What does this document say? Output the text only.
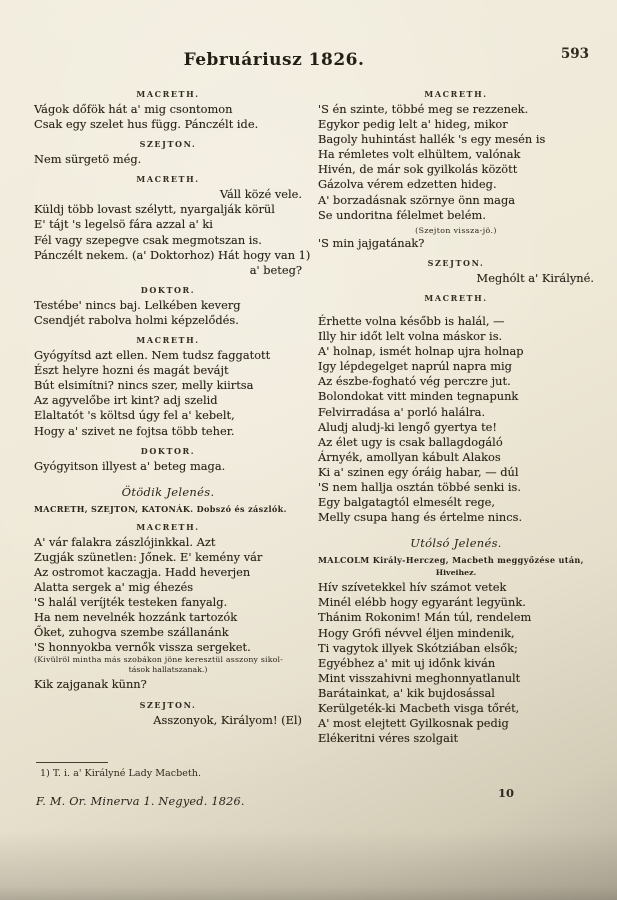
Februáriusz 1826.	593
MACRETH.
Vágok dőfök hát a' mig csontomon
Csak egy szelet hus függ. Pánczélt ide.
SZEJTON.
Nem sürgetö még.
MACRETH.
Váll közé vele.
Küldj több lovast szélytt, nyargalják körül
E' tájt 's legelsö fára azzal a' ki
Fél vagy szepegve csak megmotszan is.
Pánczélt nekem. (a' Doktorhoz) Hát hogy van 1)
a' beteg?
DOKTOR.
Testébe' nincs baj. Lelkében keverg
Csendjét rabolva holmi képzelődés.
MACRETH.
Gyógyítsd azt ellen. Nem tudsz faggatott
Észt helyre hozni és magát bevájt
Bút elsimítni? nincs szer, melly kiirtsa
Az agyvelőbe irt kint? adj szelid
Elaltatót 's költsd úgy fel a' kebelt,
Hogy a' szivet ne fojtsa több teher.
DOKTOR.
Gyógyitson illyest a' beteg maga.
Ötödik Jelenés.
MACRETH, SZEJTON, KATONÁK. Dobszó és zászlók.
MACRETH.
A' vár falakra zászlójinkkal. Azt
Zugják szünetlen: Jőnek. E' kemény vár
Az ostromot kaczagja. Hadd heverjen
Alatta sergek a' mig éhezés
'S halál veríjték testeken fanyalg.
Ha nem nevelnék hozzánk tartozók
Őket, zuhogva szembe szállanánk
'S honnyokba vernők vissza sergeket.
(Kivülröl mintha más szobákon jöne keresztül asszony sikol-
tások hallatszanak.)
Kik zajganak künn?
SZEJTON.
Asszonyok, Királyom! (El)
MACRETH.
'S én szinte, többé meg se rezzenek.
Egykor pedig lelt a' hideg, mikor
Bagoly huhintást hallék 's egy mesén is
Ha rémletes volt elhültem, valónak
Hivén, de már sok gyilkolás között
Gázolva vérem edzetten hideg.
A' borzadásnak szörnye önn maga
Se undoritna félelmet belém.
(Szejton vissza-jö.)
'S min jajgatának?
SZEJTON.
Meghólt a' Királyné.
MACRETH.
Érhette volna később is halál, —
Illy hir időt lelt volna máskor is.
A' holnap, ismét holnap ujra holnap
Igy lépdegelget naprúl napra mig
Az észbe-fogható vég perczre jut.
Bolondokat vitt minden tegnapunk
Felvirradása a' porló halálra.
Aludj aludj-ki lengő gyertya te!
Az élet ugy is csak ballagdogáló
Árnyék, amollyan kábult Alakos
Ki a' szinen egy óráig habar, — dúl
'S nem hallja osztán többé senki is.
Egy balgatagtól elmesélt rege,
Melly csupa hang és értelme nincs.
Utólsó Jelenés.
MALCOLM Király-Herczeg, Macbeth meggyőzése után,
Hiveihez.
Hív szívetekkel hív számot vetek
Minél elébb hogy egyaránt legyünk.
Thánim Rokonim! Mán túl, rendelem
Hogy Grófi névvel éljen mindenik,
Ti vagytok illyek Skótziában elsők;
Egyébhez a' mit uj időnk kiván
Mint visszahivni meghonnyatlanult
Barátainkat, a' kik bujdosással
Kerülgeték-ki Macbeth visga tőrét,
A' most elejtett Gyilkosnak pedig
Elékeritni véres szolgait
1) T. i. a' Királyné Lady Macbeth.
F. M. Or. Minerva 1. Negyed. 1826.
10
